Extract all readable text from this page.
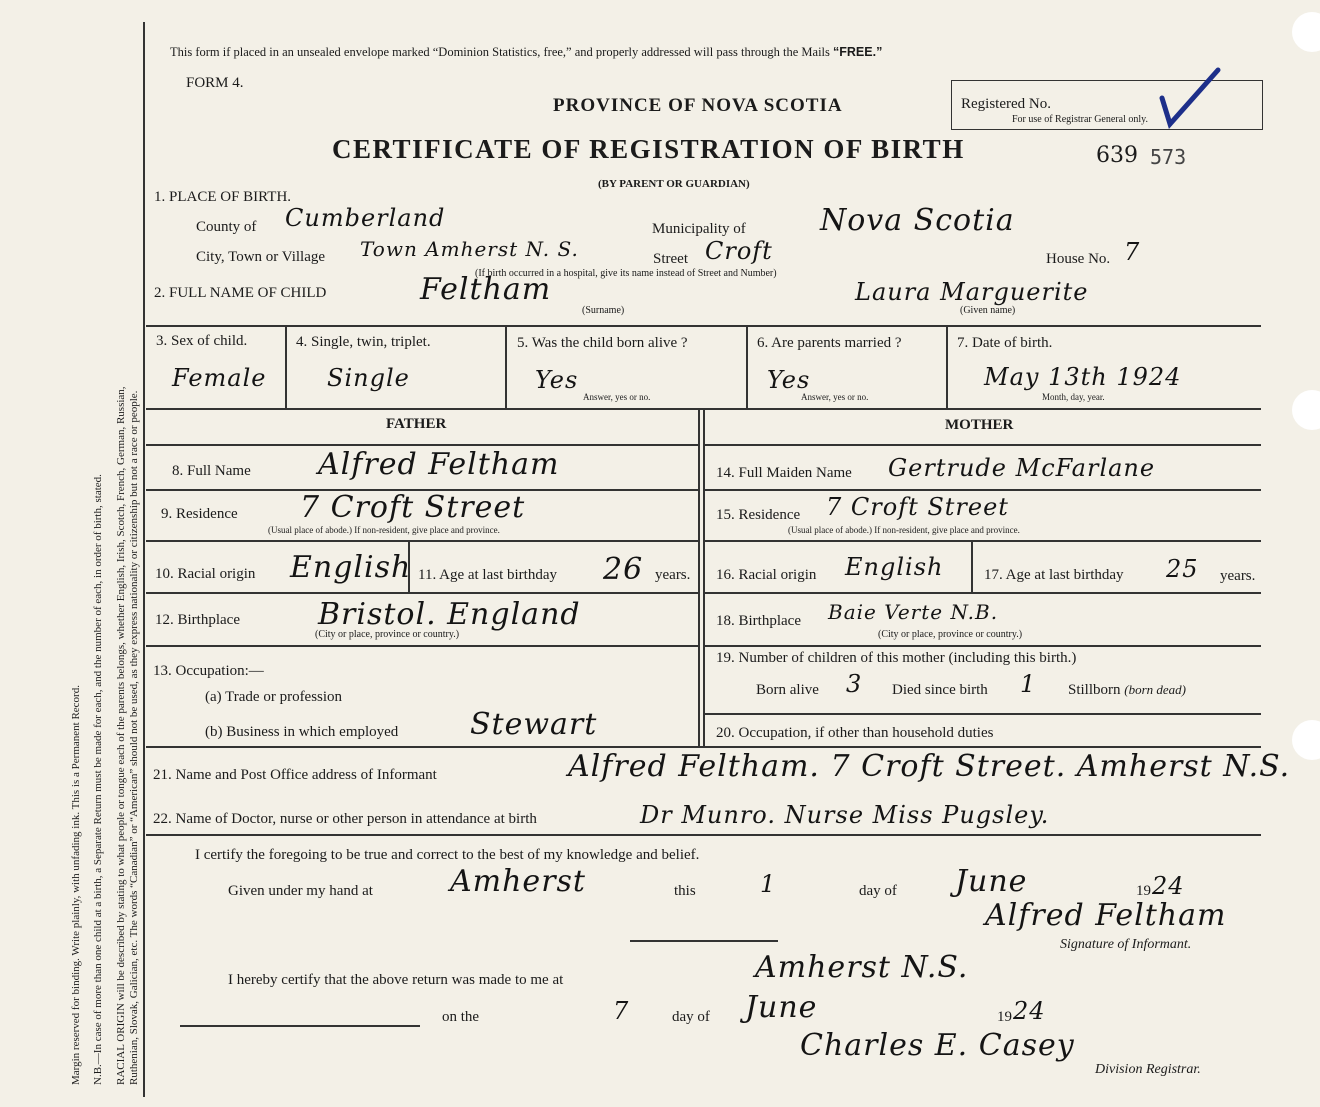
Margin reserved for binding. Write plainly, with unfading ink. This is a Permanent Record. N.B.—In case of more than one child at a birth, a Separate Return must be made for each, and the number of each, in order of birth, stated. RACIAL ORIGIN will be described by stating to what people or tongue each of the parents belongs, whether English, Irish, Scotch, French, German, Russian, Ruthenian, Slovak, Galician, etc. The words “Canadian” or “American” should not be used, as they express nationality or citizenship but not a race or people.
This form if placed in an unsealed envelope marked “Dominion Statistics, free,” and properly addressed will pass through the Mails “FREE.”
FORM 4.
PROVINCE OF NOVA SCOTIA
CERTIFICATE OF REGISTRATION OF BIRTH
(BY PARENT OR GUARDIAN)
Registered No.
For use of Registrar General only.
639 573
1. PLACE OF BIRTH.
County of Cumberland	Municipality of Nova Scotia
City, Town or Village Town Amherst N. S.	Street Croft	House No. 7
(If birth occurred in a hospital, give its name instead of Street and Number)
2. FULL NAME OF CHILD	Feltham	Laura Marguerite
(Surname)	(Given name)
3. Sex of child.
Female
4. Single, twin, triplet.
Single
5. Was the child born alive ?
Yes
Answer, yes or no.
6. Are parents married ?
Yes
Answer, yes or no.
7. Date of birth.
May 13th 1924
Month, day, year.
FATHER	MOTHER
8. Full Name Alfred Feltham
9. Residence 7 Croft Street
(Usual place of abode.) If non-resident, give place and province.
10. Racial origin English 11. Age at last birthday 26 years.
12. Birthplace	Bristol. England
(City or place, province or country.)
13. Occupation:—
(a) Trade or profession
(b) Business in which employed Stewart
14. Full Maiden Name Gertrude McFarlane
15. Residence 7 Croft Street
(Usual place of abode.) If non-resident, give place and province.
16. Racial origin English	17. Age at last birthday 25 years.
18. Birthplace Baie Verte N.B.
(City or place, province or country.)
19. Number of children of this mother (including this birth.)
Born alive 3 Died since birth 1 Stillborn (born dead)
20. Occupation, if other than household duties
21. Name and Post Office address of Informant	Alfred Feltham. 7 Croft Street. Amherst N.S.
22. Name of Doctor, nurse or other person in attendance at birth	Dr Munro. Nurse Miss Pugsley.
I certify the foregoing to be true and correct to the best of my knowledge and belief.
Given under my hand at	Amherst	this	1	day of June	19 24
Alfred Feltham
Signature of Informant.
I hereby certify that the above return was made to me at	Amherst N.S.
on the	7	day of June	19 24
Charles E. Casey
Division Registrar.
